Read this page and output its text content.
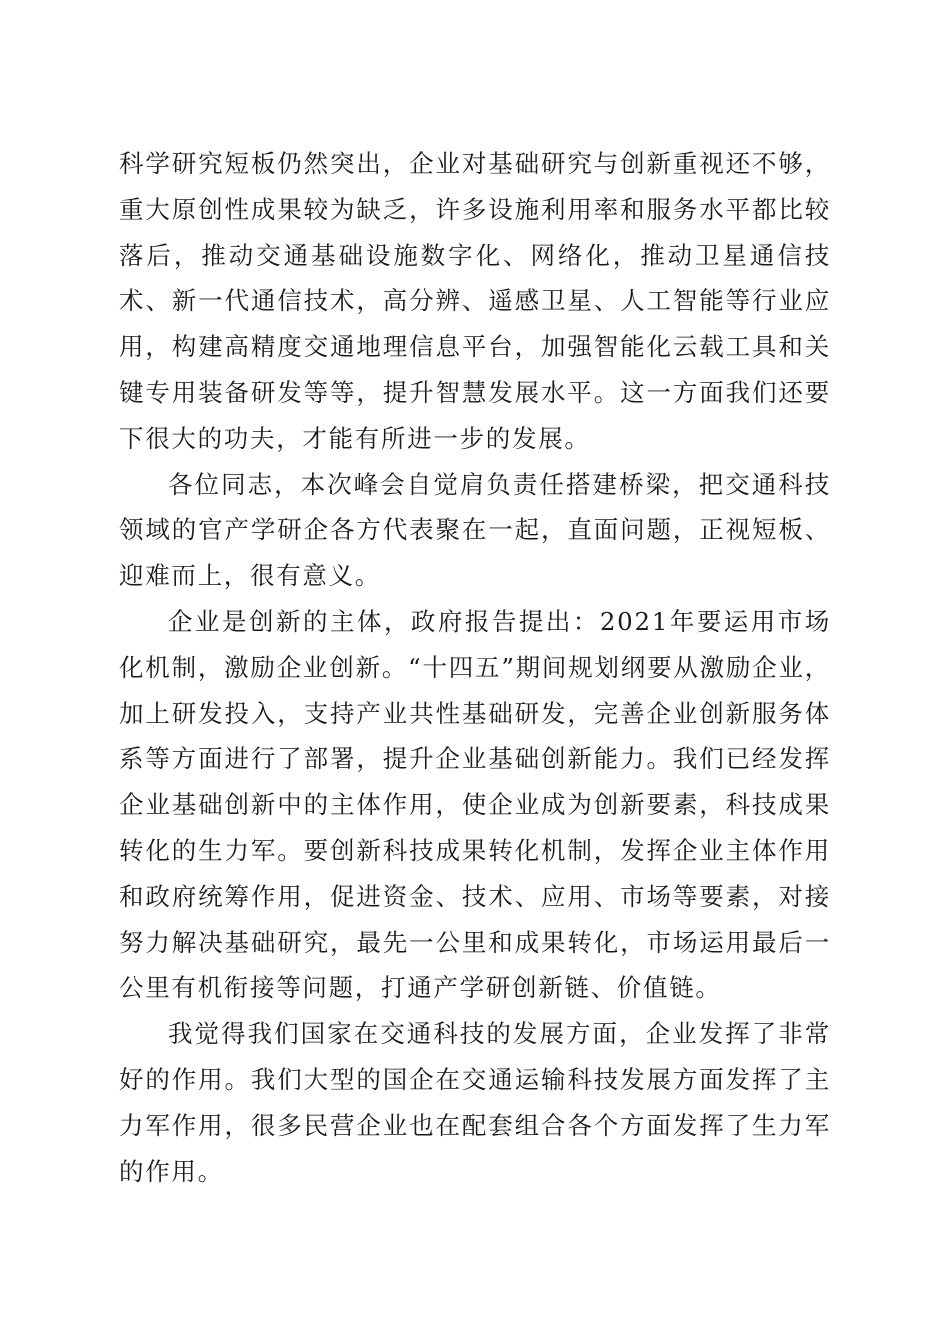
科学研究短板仍然突出，企业对基础研究与创新重视还不够，重大原创性成果较为缺乏，许多设施利用率和服务水平都比较落后，推动交通基础设施数字化、网络化，推动卫星通信技术、新一代通信技术，高分辨、遥感卫星、人工智能等行业应用，构建高精度交通地理信息平台，加强智能化云载工具和关键专用装备研发等等，提升智慧发展水平。这一方面我们还要下很大的功夫，才能有所进一步的发展。

各位同志，本次峰会自觉肩负责任搭建桥梁，把交通科技领域的官产学研企各方代表聚在一起，直面问题，正视短板、迎难而上，很有意义。

企业是创新的主体，政府报告提出：2021年要运用市场化机制，激励企业创新。“十四五”期间规划纲要从激励企业，加上研发投入，支持产业共性基础研发，完善企业创新服务体系等方面进行了部署，提升企业基础创新能力。我们已经发挥企业基础创新中的主体作用，使企业成为创新要素，科技成果转化的生力军。要创新科技成果转化机制，发挥企业主体作用和政府统筹作用，促进资金、技术、应用、市场等要素，对接努力解决基础研究，最先一公里和成果转化，市场运用最后一公里有机衔接等问题，打通产学研创新链、价值链。

我觉得我们国家在交通科技的发展方面，企业发挥了非常好的作用。我们大型的国企在交通运输科技发展方面发挥了主力军作用，很多民营企业也在配套组合各个方面发挥了生力军的作用。
